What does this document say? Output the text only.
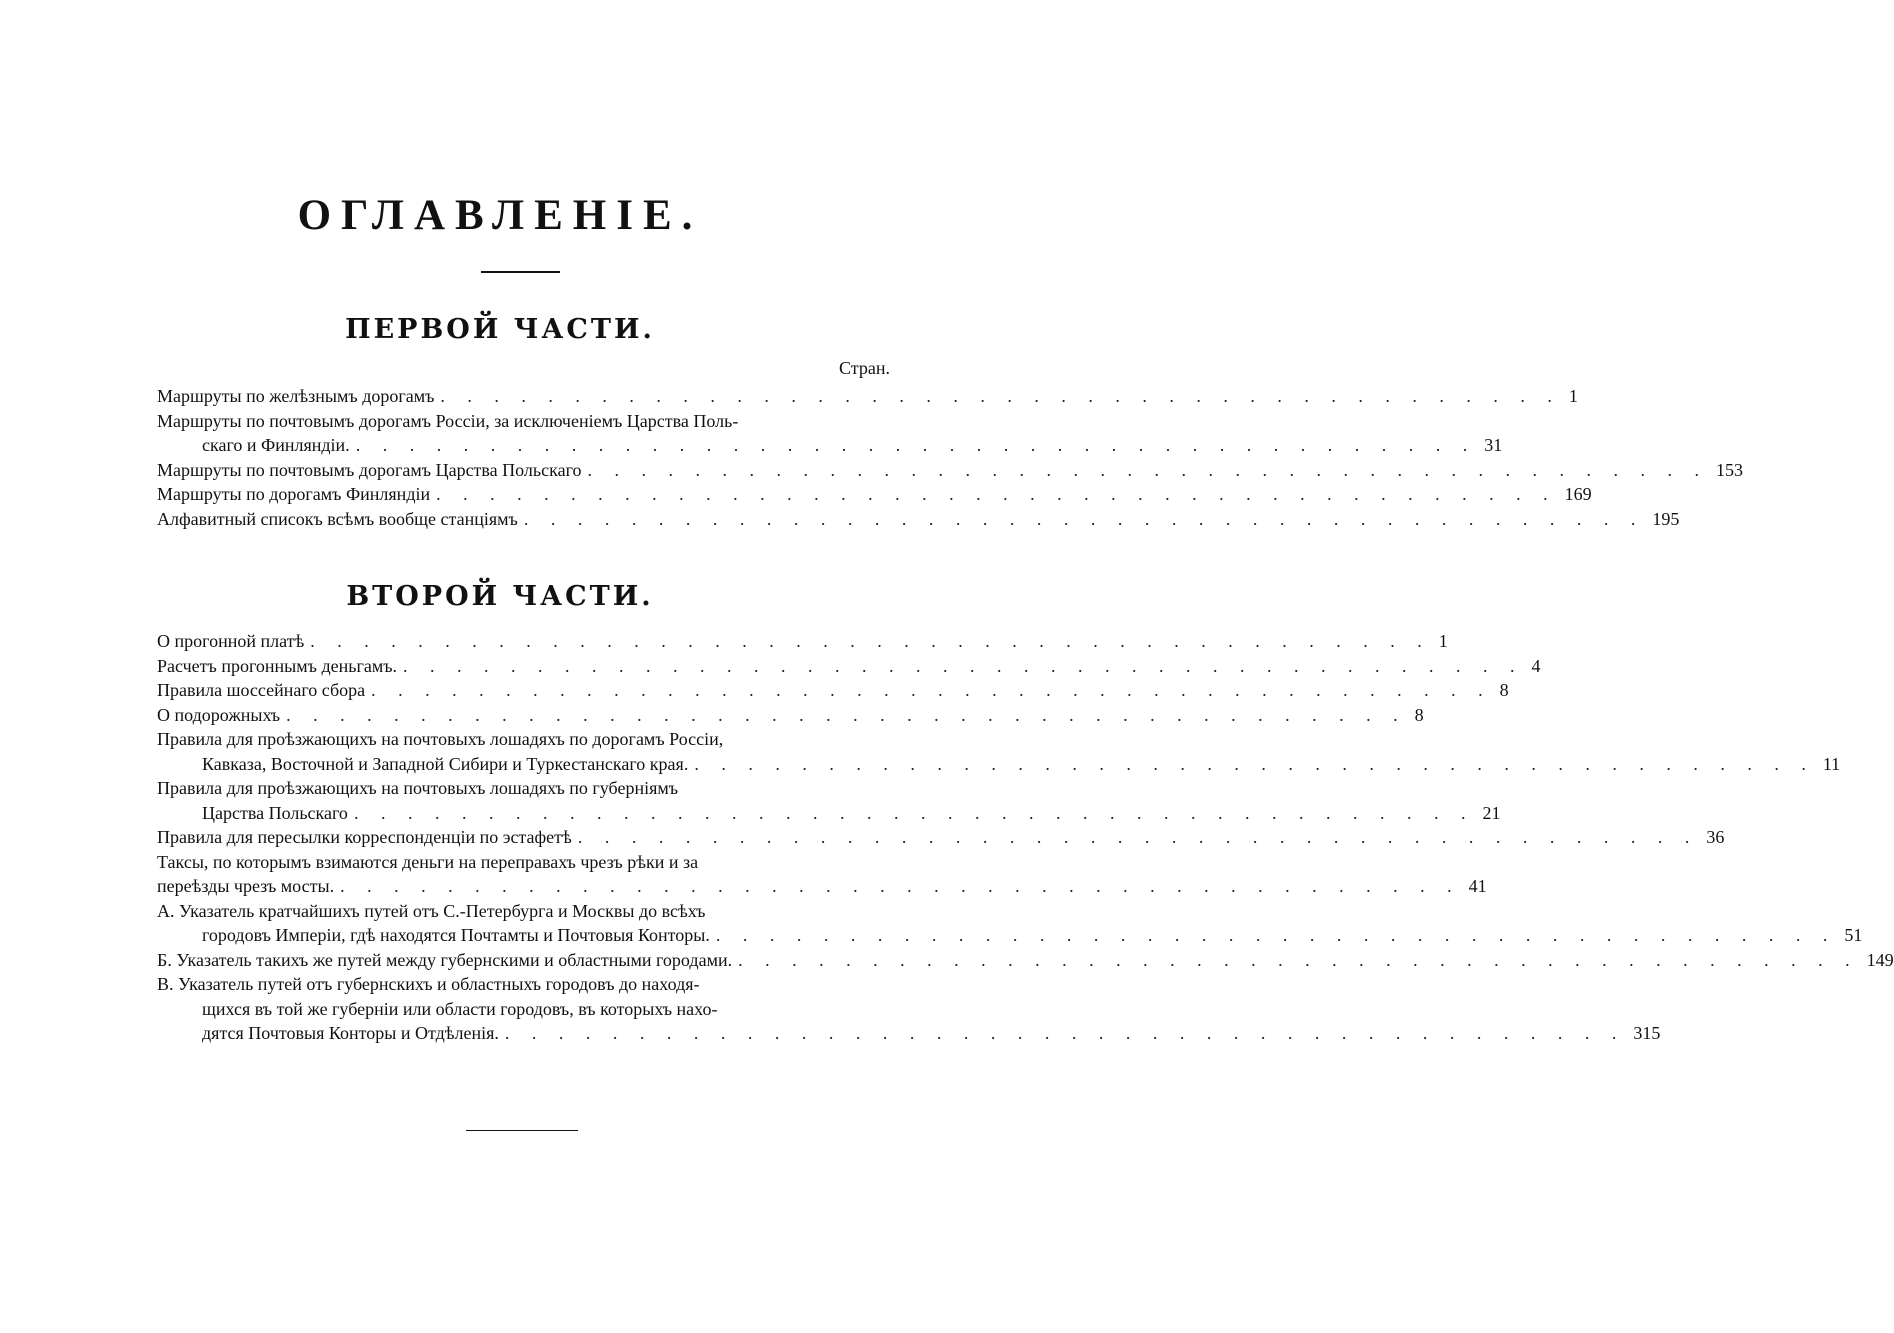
ОГЛАВЛЕНІЕ.
ПЕРВОЙ ЧАСТИ.
Стран.
Маршруты по желѣзнымъ дорогамъ . . . . . . . . . . . . . . . . . . . . . . . . . . . . . . . . . . . . . . . . . . 1
Маршруты по почтовымъ дорогамъ Россіи, за исключеніемъ Царства Поль-
скаго и Финляндіи. . . . . . . . . . . . . . . . . . . . . . . . . . . . . . . . . . . . . . . . . . . 31
Маршруты по почтовымъ дорогамъ Царства Польскаго . . . . . . . . . . . . . . . . . . . . . . . . . . . . . . . . . . . . . . . . . . 153
Маршруты по дорогамъ Финляндіи . . . . . . . . . . . . . . . . . . . . . . . . . . . . . . . . . . . . . . . . . . 169
Алфавитный списокъ всѣмъ вообще станціямъ . . . . . . . . . . . . . . . . . . . . . . . . . . . . . . . . . . . . . . . . . . 195
ВТОРОЙ ЧАСТИ.
О прогонной платѣ . . . . . . . . . . . . . . . . . . . . . . . . . . . . . . . . . . . . . . . . . . 1
Расчетъ прогоннымъ деньгамъ. . . . . . . . . . . . . . . . . . . . . . . . . . . . . . . . . . . . . . . . . . . 4
Правила шоссейнаго сбора . . . . . . . . . . . . . . . . . . . . . . . . . . . . . . . . . . . . . . . . . . 8
О подорожныхъ . . . . . . . . . . . . . . . . . . . . . . . . . . . . . . . . . . . . . . . . . . 8
Правила для проѣзжающихъ на почтовыхъ лошадяхъ по дорогамъ Россіи,
Кавказа, Восточной и Западной Сибири и Туркестанскаго края. . . . . . . . . . . . . . . . . . . . . . . . . . . . . . . . . . . . . . . . . . . 11
Правила для проѣзжающихъ на почтовыхъ лошадяхъ по губерніямъ
Царства Польскаго . . . . . . . . . . . . . . . . . . . . . . . . . . . . . . . . . . . . . . . . . . 21
Правила для пересылки корреспонденціи по эстафетѣ . . . . . . . . . . . . . . . . . . . . . . . . . . . . . . . . . . . . . . . . . . 36
Таксы, по которымъ взимаются деньги на переправахъ чрезъ рѣки и за
переѣзды чрезъ мосты. . . . . . . . . . . . . . . . . . . . . . . . . . . . . . . . . . . . . . . . . . . 41
А. Указатель кратчайшихъ путей отъ С.-Петербурга и Москвы до всѣхъ
городовъ Имперіи, гдѣ находятся Почтамты и Почтовыя Конторы. . . . . . . . . . . . . . . . . . . . . . . . . . . . . . . . . . . . . . . . . . . 51
Б. Указатель такихъ же путей между губернскими и областными городами. . . . . . . . . . . . . . . . . . . . . . . . . . . . . . . . . . . . . . . . . . . 149
В. Указатель путей отъ губернскихъ и областныхъ городовъ до находя-
щихся въ той же губерніи или области городовъ, въ которыхъ нахо-
дятся Почтовыя Конторы и Отдѣленія. . . . . . . . . . . . . . . . . . . . . . . . . . . . . . . . . . . . . . . . . . . 315
